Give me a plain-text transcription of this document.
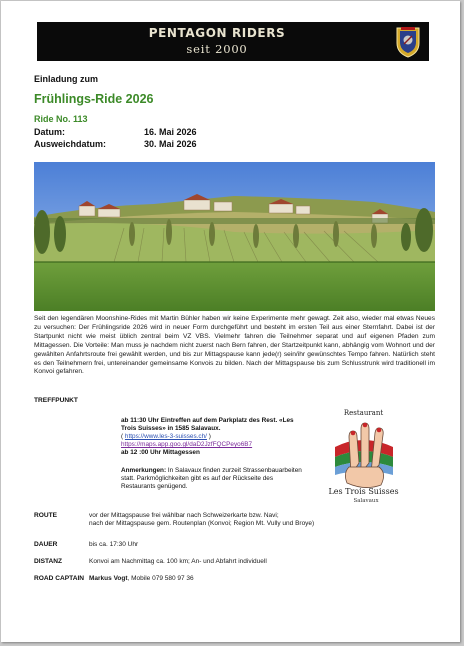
PENTAGON RIDERS
seit 2000
Einladung zum
Frühlings-Ride 2026
Ride No. 113
Datum:	16. Mai 2026
Ausweichdatum:	30. Mai 2026
Seit den legendären Moonshine-Rides mit Martin Bühler haben wir keine Experimente mehr gewagt. Zeit also, wieder mal etwas Neues zu versuchen: Der Frühlingsride 2026 wird in neuer Form durchgeführt und besteht im ersten Teil aus einer Sternfahrt. Dabei ist der Startpunkt nicht wie meist üblich zentral beim VZ VBS. Vielmehr fahren die Teilnehmer separat und auf eigenen Pfaden zum Mittagessen. Die Vorteile: Man muss je nachdem nicht zuerst nach Bern fahren, der Startzeitpunkt kann, abhängig vom Wohnort und der gewählten Anfahrtsroute frei gewählt werden, und bis zur Mittagspause kann jede(r) sein/ihr gewünschtes Tempo fahren. Natürlich steht es den Teilnehmern frei, untereinander gemeinsame Konvois zu bilden. Nach der Mittagspause bis zum Schlusstrunk wird traditionell im Konvoi gefahren.
TREFFPUNKT
ab 11:30 Uhr Eintreffen auf dem Parkplatz des Rest. «Les Trois Suisses» in 1585 Salavaux.
( https://www.les-3-suisses.ch/ )
https://maps.app.goo.gl/daD2JzfFQCPeyo6B7
ab 12 :00 Uhr Mittagessen
Anmerkungen: In Salavaux finden zurzeit Strassenbauarbeiten statt. Parkmöglichkeiten gibt es auf der Rückseite des Restaurants genügend.
Restaurant
Les Trois Suisses
Salavaux
ROUTE	vor der Mittagspause frei wählbar nach Schweizerkarte bzw. Navi;
nach der Mittagspause gem. Routenplan (Konvoi; Region Mt. Vully und Broye)
DAUER	bis ca. 17:30 Uhr
DISTANZ	Konvoi am Nachmittag ca. 100 km; An- und Abfahrt individuell
ROAD CAPTAIN Markus Vogt, Mobile 079 580 97 36
